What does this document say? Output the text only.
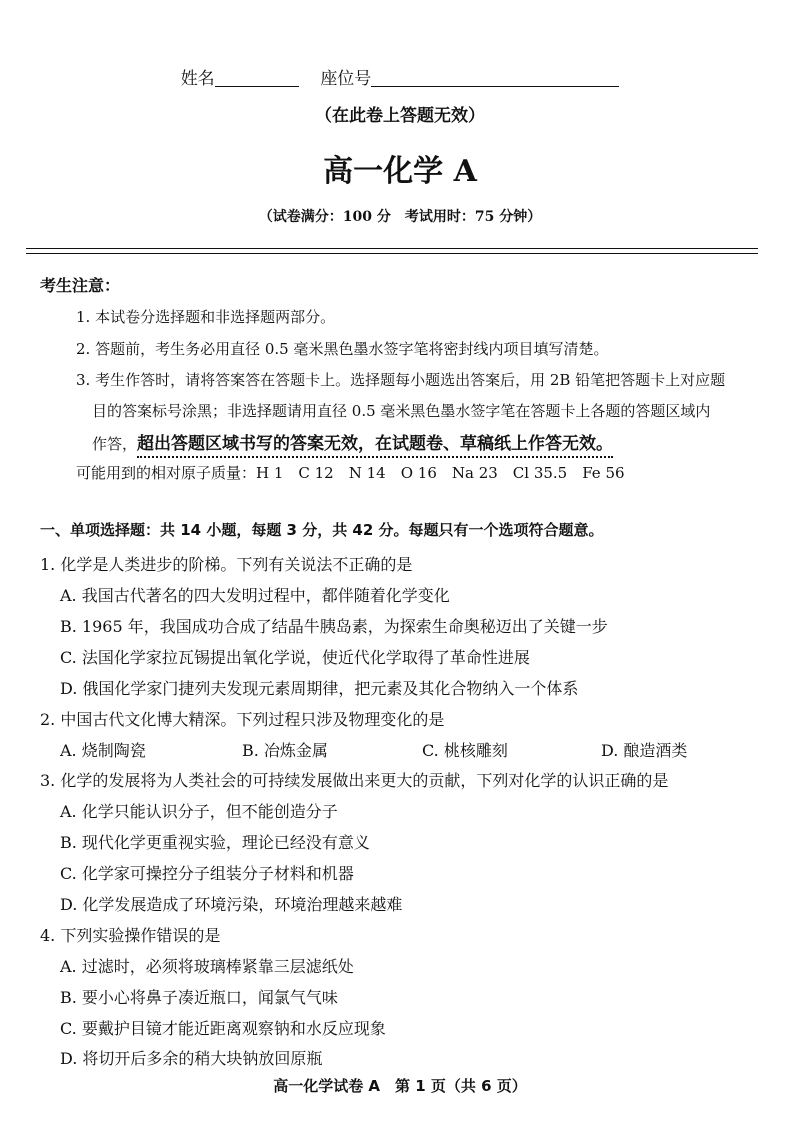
姓名	座位号
（在此卷上答题无效）
高一化学 A
（试卷满分：100 分　考试用时：75 分钟）
考生注意：
1. 本试卷分选择题和非选择题两部分。
2. 答题前，考生务必用直径 0.5 毫米黑色墨水签字笔将密封线内项目填写清楚。
3. 考生作答时，请将答案答在答题卡上。选择题每小题选出答案后，用 2B 铅笔把答题卡上对应题
目的答案标号涂黑；非选择题请用直径 0.5 毫米黑色墨水签字笔在答题卡上各题的答题区域内
作答，超出答题区域书写的答案无效，在试题卷、草稿纸上作答无效。
可能用到的相对原子质量：H 1　C 12　N 14　O 16　Na 23　Cl 35.5　Fe 56
一、单项选择题：共 14 小题，每题 3 分，共 42 分。每题只有一个选项符合题意。
1. 化学是人类进步的阶梯。下列有关说法不正确的是
A. 我国古代著名的四大发明过程中，都伴随着化学变化
B. 1965 年，我国成功合成了结晶牛胰岛素，为探索生命奥秘迈出了关键一步
C. 法国化学家拉瓦锡提出氧化学说，使近代化学取得了革命性进展
D. 俄国化学家门捷列夫发现元素周期律，把元素及其化合物纳入一个体系
2. 中国古代文化博大精深。下列过程只涉及物理变化的是
A. 烧制陶瓷	B. 冶炼金属	C. 桃核雕刻	D. 酿造酒类
3. 化学的发展将为人类社会的可持续发展做出来更大的贡献，下列对化学的认识正确的是
A. 化学只能认识分子，但不能创造分子
B. 现代化学更重视实验，理论已经没有意义
C. 化学家可操控分子组装分子材料和机器
D. 化学发展造成了环境污染，环境治理越来越难
4. 下列实验操作错误的是
A. 过滤时，必须将玻璃棒紧靠三层滤纸处
B. 要小心将鼻子凑近瓶口，闻氯气气味
C. 要戴护目镜才能近距离观察钠和水反应现象
D. 将切开后多余的稍大块钠放回原瓶
高一化学试卷 A　第 1 页（共 6 页）
